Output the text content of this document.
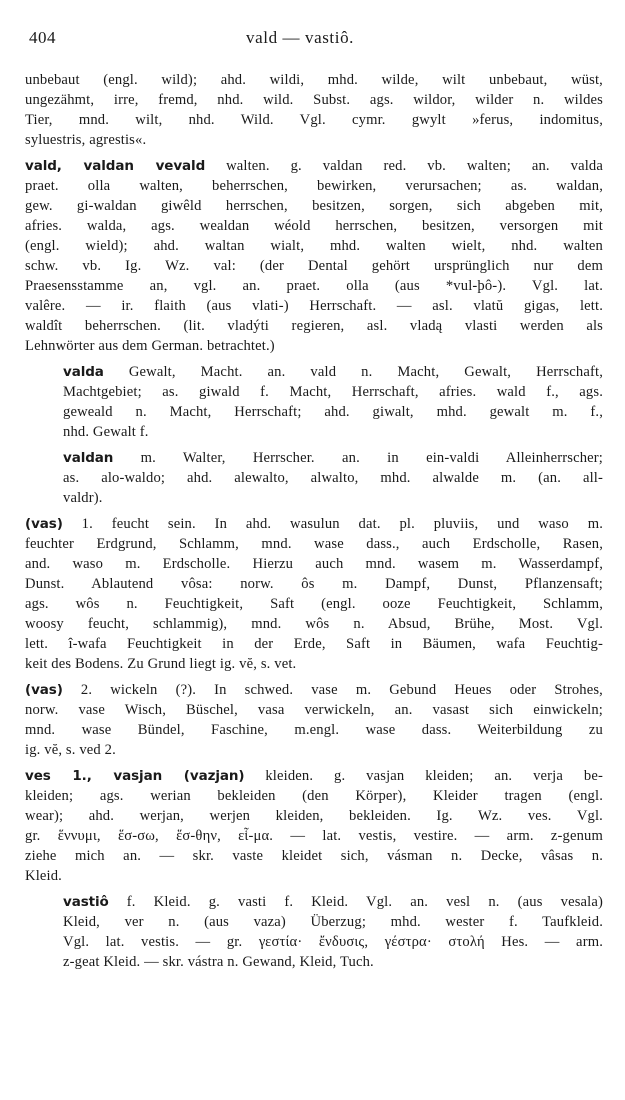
404	vald — vastiô.
unbebaut (engl. wild); ahd. wildi, mhd. wilde, wilt unbebaut, wüst,
ungezähmt, irre, fremd, nhd. wild. Subst. ags. wildor, wilder n. wildes
Tier, mnd. wilt, nhd. Wild. Vgl. cymr. gwylt »ferus, indomitus,
syluestris, agrestis«.
vald, valdan vevald walten. g. valdan red. vb. walten; an. valda
praet. olla walten, beherrschen, bewirken, verursachen; as. waldan,
gew. gi-waldan giwêld herrschen, besitzen, sorgen, sich abgeben mit,
afries. walda, ags. wealdan wéold herrschen, besitzen, versorgen mit
(engl. wield); ahd. waltan wialt, mhd. walten wielt, nhd. walten
schw. vb. Ig. Wz. val: (der Dental gehört ursprünglich nur dem
Praesensstamme an, vgl. an. praet. olla (aus *vul-þô-). Vgl. lat.
valêre. — ir. flaith (aus vlati-) Herrschaft. — asl. vlatŭ gigas, lett.
waldît beherrschen. (lit. vladýti regieren, asl. vladą vlasti werden als
Lehnwörter aus dem German. betrachtet.)
valda Gewalt, Macht. an. vald n. Macht, Gewalt, Herrschaft,
Machtgebiet; as. giwald f. Macht, Herrschaft, afries. wald f., ags.
geweald n. Macht, Herrschaft; ahd. giwalt, mhd. gewalt m. f.,
nhd. Gewalt f.
valdan m. Walter, Herrscher. an. in ein-valdi Alleinherrscher;
as. alo-waldo; ahd. alewalto, alwalto, mhd. alwalde m. (an. all-
valdr).
(vas) 1. feucht sein. In ahd. wasulun dat. pl. pluviis, und waso m.
feuchter Erdgrund, Schlamm, mnd. wase dass., auch Erdscholle, Rasen,
and. waso m. Erdscholle. Hierzu auch mnd. wasem m. Wasserdampf,
Dunst. Ablautend vôsa: norw. ôs m. Dampf, Dunst, Pflanzensaft;
ags. wôs n. Feuchtigkeit, Saft (engl. ooze Feuchtigkeit, Schlamm,
woosy feucht, schlammig), mnd. wôs n. Absud, Brühe, Most. Vgl.
lett. î-wafa Feuchtigkeit in der Erde, Saft in Bäumen, wafa Feuchtig-
keit des Bodens. Zu Grund liegt ig. vĕ, s. vet.
(vas) 2. wickeln (?). In schwed. vase m. Gebund Heues oder Strohes,
norw. vase Wisch, Büschel, vasa verwickeln, an. vasast sich einwickeln;
mnd. wase Bündel, Faschine, m.engl. wase dass. Weiterbildung zu
ig. vĕ, s. ved 2.
ves 1., vasjan (vazjan) kleiden. g. vasjan kleiden; an. verja be-
kleiden; ags. werian bekleiden (den Körper), Kleider tragen (engl.
wear); ahd. werjan, werjen kleiden, bekleiden. Ig. Wz. ves. Vgl.
gr. ἕννυμι, ἕσ-σω, ἕσ-θην, εἷ-μα. — lat. vestis, vestire. — arm. z-genum
ziehe mich an. — skr. vaste kleidet sich, vásman n. Decke, vâsas n.
Kleid.
vastiô f. Kleid. g. vasti f. Kleid. Vgl. an. vesl n. (aus vesala)
Kleid, ver n. (aus vaza) Überzug; mhd. wester f. Taufkleid.
Vgl. lat. vestis. — gr. γεστία· ἔνδυσις, γέστρα· στολή Hes. — arm.
z-geat Kleid. — skr. vástra n. Gewand, Kleid, Tuch.
